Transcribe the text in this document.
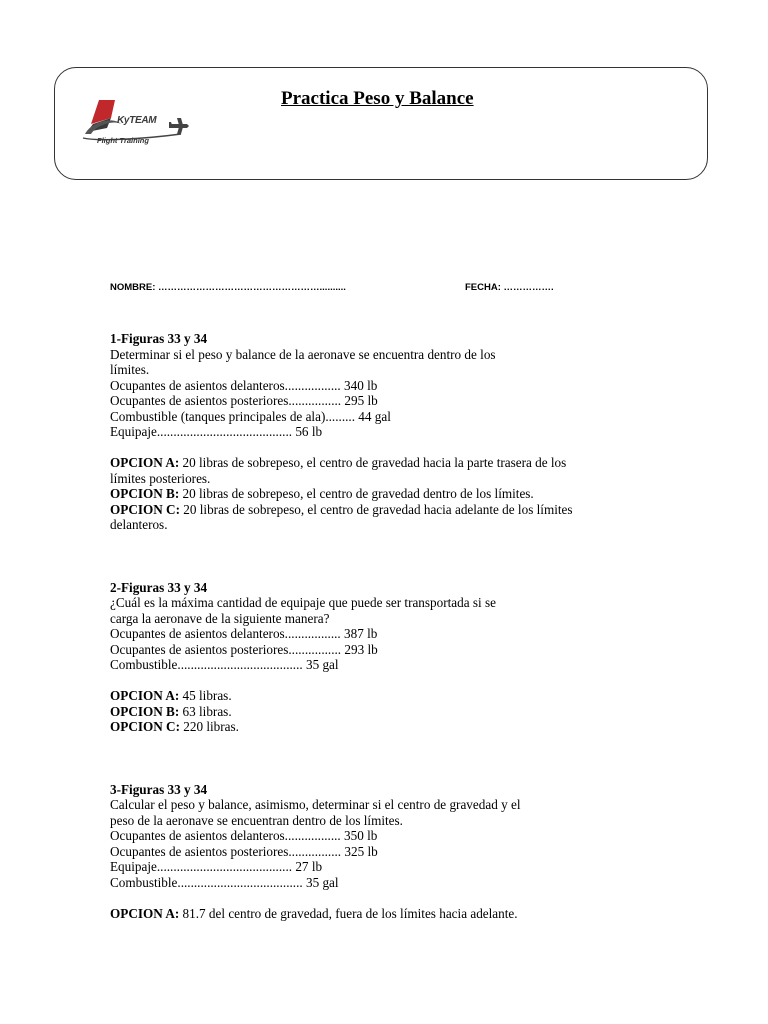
KyTEAM
Flight Training
Practica Peso y Balance
NOMBRE: ……………………………………………..........	FECHA: …………….
1-Figuras 33 y 34
Determinar si el peso y balance de la aeronave se encuentra dentro de los
límites.
Ocupantes de asientos delanteros................. 340 lb
Ocupantes de asientos posteriores................ 295 lb
Combustible (tanques principales de ala)......... 44 gal
Equipaje......................................... 56 lb
OPCION A: 20 libras de sobrepeso, el centro de gravedad hacia la parte trasera de los
límites posteriores.
OPCION B: 20 libras de sobrepeso, el centro de gravedad dentro de los límites.
OPCION C: 20 libras de sobrepeso, el centro de gravedad hacia adelante de los límites
delanteros.
2-Figuras 33 y 34
¿Cuál es la máxima cantidad de equipaje que puede ser transportada si se
carga la aeronave de la siguiente manera?
Ocupantes de asientos delanteros................. 387 lb
Ocupantes de asientos posteriores................ 293 lb
Combustible...................................... 35 gal
OPCION A: 45 libras.
OPCION B: 63 libras.
OPCION C: 220 libras.
3-Figuras 33 y 34
Calcular el peso y balance, asimismo, determinar si el centro de gravedad y el
peso de la aeronave se encuentran dentro de los límites.
Ocupantes de asientos delanteros................. 350 lb
Ocupantes de asientos posteriores................ 325 lb
Equipaje......................................... 27 lb
Combustible...................................... 35 gal
OPCION A: 81.7 del centro de gravedad, fuera de los límites hacia adelante.
